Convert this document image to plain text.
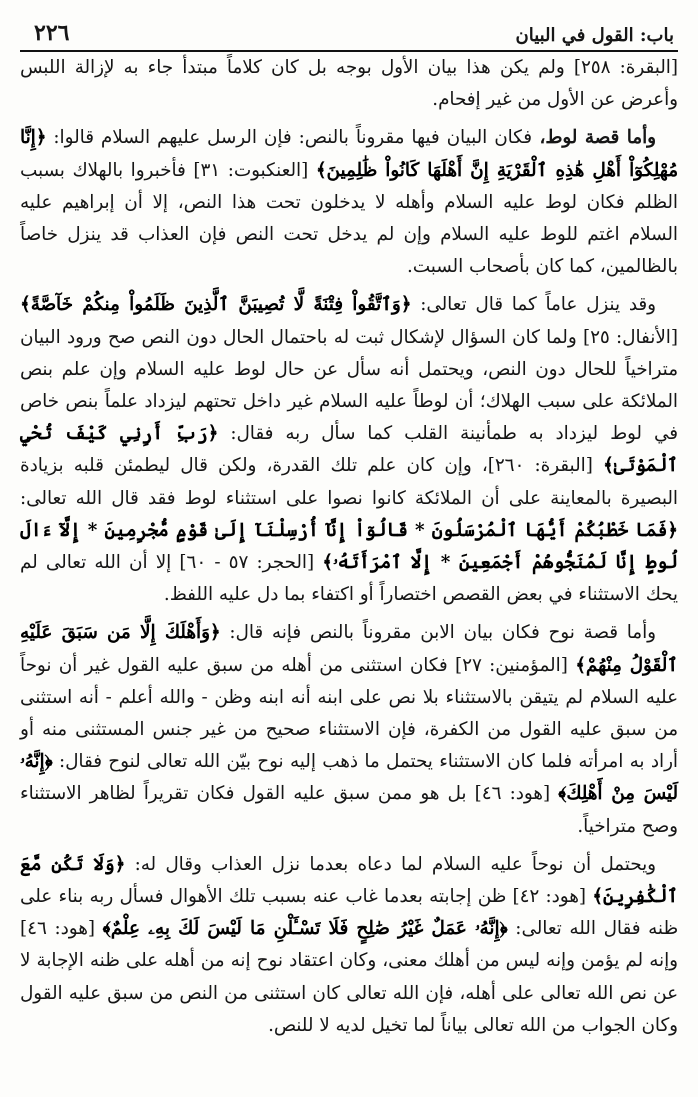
٢٢٦	باب: القول في البيان

[البقرة: ٢٥٨] ولم يكن هذا بيان الأول بوجه بل كان كلاماً مبتدأ جاء به لإزالة اللبس وأعرض عن الأول من غير إفحام.

وأما قصة لوط، فكان البيان فيها مقروناً بالنص: فإن الرسل عليهم السلام قالوا: ﴿إِنَّا مُهْلِكُوٓاْ أَهْلِ هَٰذِهِ ٱلْقَرْيَةِ إِنَّ أَهْلَهَا كَانُواْ ظَٰلِمِينَ﴾ [العنكبوت: ٣١] فأخبروا بالهلاك بسبب الظلم فكان لوط عليه السلام وأهله لا يدخلون تحت هذا النص، إلا أن إبراهيم عليه السلام اغتم للوط عليه السلام وإن لم يدخل تحت النص فإن العذاب قد ينزل خاصاً بالظالمين، كما كان بأصحاب السبت.

وقد ينزل عاماً كما قال تعالى: ﴿وَٱتَّقُواْ فِتْنَةً لَّا تُصِيبَنَّ ٱلَّذِينَ ظَلَمُواْ مِنكُمْ خَآصَّةً﴾ [الأنفال: ٢٥] ولما كان السؤال لإشكال ثبت له باحتمال الحال دون النص صح ورود البيان متراخياً للحال دون النص، ويحتمل أنه سأل عن حال لوط عليه السلام وإن علم بنص الملائكة على سبب الهلاك؛ أن لوطاً عليه السلام غير داخل تحتهم ليزداد علماً بنص خاص في لوط ليزداد به طمأنينة القلب كما سأل ربه فقال: ﴿رَبِّ أَرِنِي كَيْفَ تُحْيِ ٱلْمَوْتَىٰ﴾ [البقرة: ٢٦٠]، وإن كان علم تلك القدرة، ولكن قال ليطمئن قلبه بزيادة البصيرة بالمعاينة على أن الملائكة كانوا نصوا على استثناء لوط فقد قال الله تعالى: ﴿فَمَا خَطْبُكُمْ أَيُّهَا ٱلْمُرْسَلُونَ * قَالُوٓاْ إِنَّآ أُرْسِلْنَآ إِلَىٰ قَوْمٍ مُّجْرِمِينَ * إِلَّآ ءَالَ لُوطٍ إِنَّا لَمُنَجُّوهُمْ أَجْمَعِينَ * إِلَّا ٱمْرَأَتَهُۥ﴾ [الحجر: ٥٧ - ٦٠] إلا أن الله تعالى لم يحك الاستثناء في بعض القصص اختصاراً أو اكتفاء بما دل عليه اللفظ.

وأما قصة نوح فكان بيان الابن مقروناً بالنص فإنه قال: ﴿وَأَهْلَكَ إِلَّا مَن سَبَقَ عَلَيْهِ ٱلْقَوْلُ مِنْهُمْ﴾ [المؤمنين: ٢٧] فكان استثنى من أهله من سبق عليه القول غير أن نوحاً عليه السلام لم يتيقن بالاستثناء بلا نص على ابنه أنه ابنه وظن - والله أعلم - أنه استثنى من سبق عليه القول من الكفرة، فإن الاستثناء صحيح من غير جنس المستثنى منه أو أراد به امرأته فلما كان الاستثناء يحتمل ما ذهب إليه نوح بيّن الله تعالى لنوح فقال: ﴿إِنَّهُۥ لَيْسَ مِنْ أَهْلِكَ﴾ [هود: ٤٦] بل هو ممن سبق عليه القول فكان تقريراً لظاهر الاستثناء وصح متراخياً.

ويحتمل أن نوحاً عليه السلام لما دعاه بعدما نزل العذاب وقال له: ﴿وَلَا تَكُن مَّعَ ٱلْكَٰفِرِينَ﴾ [هود: ٤٢] ظن إجابته بعدما غاب عنه بسبب تلك الأهوال فسأل ربه بناء على ظنه فقال الله تعالى: ﴿إِنَّهُۥ عَمَلٌ غَيْرُ صَٰلِحٍ فَلَا تَسْـَٔلْنِ مَا لَيْسَ لَكَ بِهِۦ عِلْمٌ﴾ [هود: ٤٦] وإنه لم يؤمن وإنه ليس من أهلك معنى، وكان اعتقاد نوح إنه من أهله على ظنه الإجابة لا عن نص الله تعالى على أهله، فإن الله تعالى كان استثنى من النص من سبق عليه القول وكان الجواب من الله تعالى بياناً لما تخيل لديه لا للنص.
